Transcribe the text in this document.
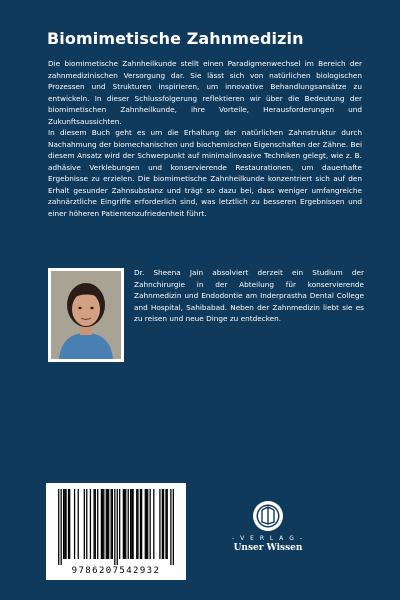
Biomimetische Zahnmedizin

Die biomimetische Zahnheilkunde stellt einen Paradigmenwechsel im Bereich der zahnmedizinischen Versorgung dar. Sie lässt sich von natürlichen biologischen Prozessen und Strukturen inspirieren, um innovative Behandlungsansätze zu entwickeln. In dieser Schlussfolgerung reflektieren wir über die Bedeutung der biomimetischen Zahnheilkunde, ihre Vorteile, Herausforderungen und Zukunftsaussichten.

In diesem Buch geht es um die Erhaltung der natürlichen Zahnstruktur durch Nachahmung der biomechanischen und biochemischen Eigenschaften der Zähne. Bei diesem Ansatz wird der Schwerpunkt auf minimalinvasive Techniken gelegt, wie z. B. adhäsive Verklebungen und konservierende Restaurationen, um dauerhafte Ergebnisse zu erzielen. Die biomimetische Zahnheilkunde konzentriert sich auf den Erhalt gesunder Zahnsubstanz und trägt so dazu bei, dass weniger umfangreiche zahnärztliche Eingriffe erforderlich sind, was letztlich zu besseren Ergebnissen und einer höheren Patientenzufriedenheit führt.

Dr. Sheena Jain absolviert derzeit ein Studium der Zahnchirurgie in der Abteilung für konservierende Zahnmedizin und Endodontie am Inderprastha Dental College and Hospital, Sahibabad. Neben der Zahnmedizin liebt sie es zu reisen und neue Dinge zu entdecken.
9786207542932
- V E R L A G -
Unser Wissen
